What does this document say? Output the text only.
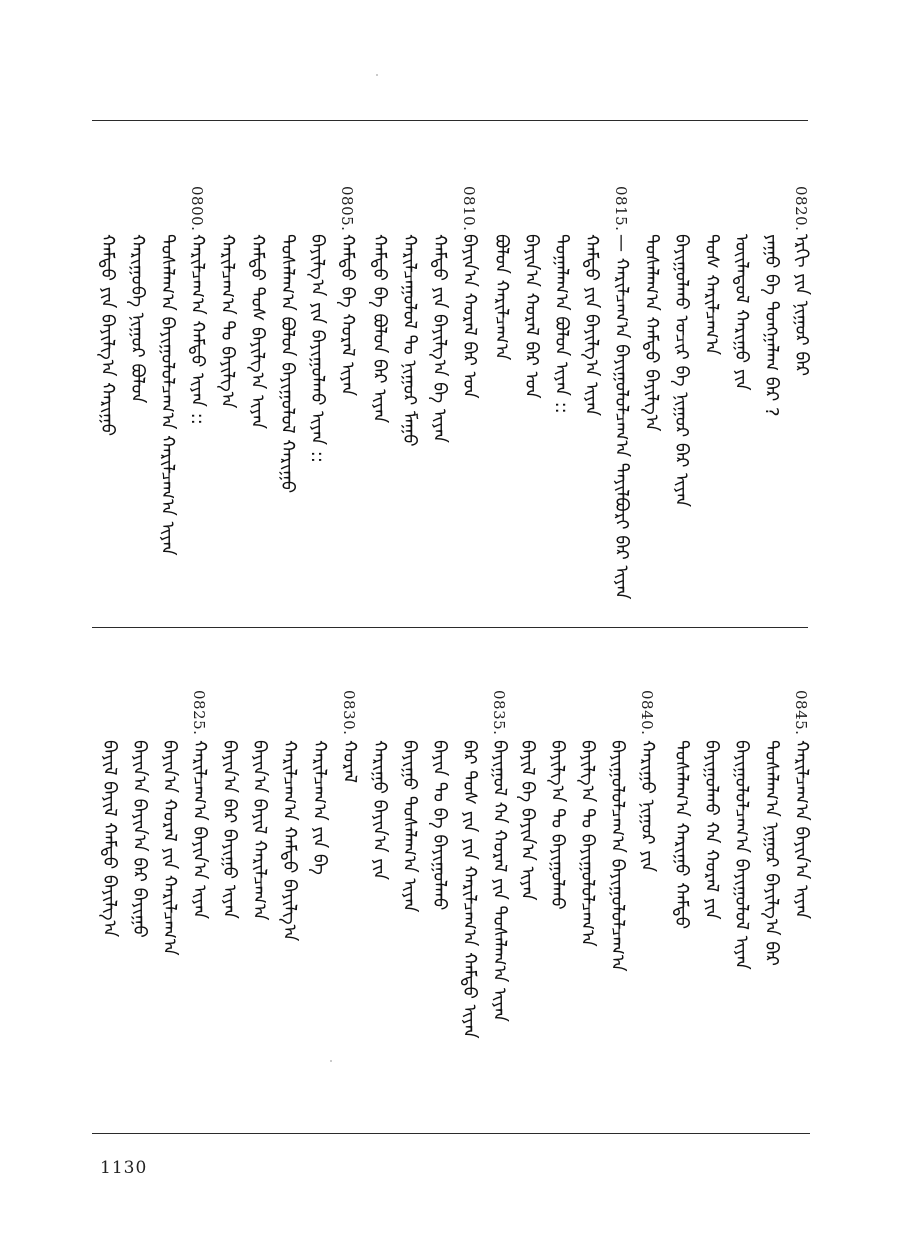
0820.
ᠡᠷᠬᠢ ᠶᠢᠨ ᠨᠢᠭᠤᠷ ᠪᠠᠷ
ᠶᠠᠭᠤ ᠪᠠ ᠲᠤᠩᠭᠠᠯᠠᠭ ᠪᠠᠷ ?
ᠦᠢᠯᠡᠳᠦᠯ ᠬᠠᠷᠢᠭᠤ ᠶᠢᠨ
ᠲᠤᠰ ᠬᠠᠷᠢᠯᠴᠠᠭ᠎ᠠ
ᠪᠠᠶᠢᠭᠤᠯᠬᠤ ᠤᠴᠢᠷ ᠪᠠ ᠨᠢᠭᠤᠷ ᠪᠠᠷ ᠢᠶᠡᠨ
ᠲᠤᠰᠠᠯᠠᠭ᠎ᠠ ᠬᠠᠮᠲᠤ ᠪᠠᠶᠢᠯᠭ᠎ᠠ
0815.
— ᠬᠠᠷᠢᠯᠴᠠᠭ᠎ᠠ ᠪᠠᠶᠢᠭᠤᠯᠤᠯᠴᠠᠭ᠎ᠠ ᠲᠠᠶᠢᠯᠪᠤᠷᠢ ᠪᠠᠷ ᠢᠶᠡᠨ
ᠬᠠᠮᠲᠤ ᠶᠢᠨ ᠪᠠᠶᠢᠯᠭ᠎ᠠ ᠢᠶᠡᠨ
ᠲᠤᠭᠠᠯᠠᠭ᠎ᠠ ᠪᠤᠯᠤᠨ ᠢᠶᠡᠨ ::
ᠪᠠᠶᠢᠨ᠎ᠠ ᠬᠤᠷᠠᠯ ᠪᠠᠷ ᠤᠨ
ᠪᠤᠯᠤᠨ ᠬᠠᠷᠢᠯᠴᠠᠭ᠎ᠠ
0810.
ᠪᠠᠶᠢᠨ᠎ᠠ ᠬᠤᠷᠠᠯ ᠪᠠᠷ ᠤᠨ
ᠬᠠᠮᠲᠤ ᠶᠢᠨ ᠪᠠᠶᠢᠯᠭ᠎ᠠ ᠪᠠ ᠢᠶᠡᠨ
ᠬᠠᠷᠢᠯᠴᠠᠭᠤᠯᠤᠯ ᠲᠤ ᠨᠢᠭᠤᠷ ᠮᠠᠭᠤ
ᠬᠠᠮᠲᠤ ᠪᠠ ᠪᠤᠯᠤᠨ ᠪᠠᠷ ᠢᠶᠡᠨ
0805.
ᠬᠠᠮᠲᠤ ᠪᠠ ᠬᠤᠷᠠᠯ ᠢᠶᠡᠨ
ᠪᠠᠶᠢᠯᠭ᠎ᠠ ᠶᠢᠨ ᠪᠠᠶᠢᠭᠤᠯᠬᠤ ᠢᠶᠡᠨ ::
ᠲᠤᠰᠠᠯᠠᠭ᠎ᠠ ᠪᠤᠯᠤᠨ ᠪᠠᠶᠢᠭᠤᠯᠤᠯ ᠬᠠᠷᠢᠭᠤ
ᠬᠠᠮᠲᠤ ᠲᠤᠰ ᠪᠠᠶᠢᠯᠭ᠎ᠠ ᠢᠶᠡᠨ
ᠬᠠᠷᠢᠯᠴᠠᠭ᠎ᠠ ᠲᠤ ᠪᠠᠶᠢᠯᠭ᠎ᠠ
0800.
ᠬᠠᠷᠢᠯᠴᠠᠭ᠎ᠠ ᠬᠠᠮᠲᠤ ᠢᠶᠡᠨ ::
ᠲᠤᠰᠠᠯᠠᠭ᠎ᠠ ᠪᠠᠶᠢᠭᠤᠯᠤᠯᠴᠠᠭ᠎ᠠ ᠬᠠᠷᠢᠯᠴᠠᠭ᠎ᠠ ᠢᠶᠡᠨ
ᠬᠠᠷᠢᠭᠤᠪᠠ ᠨᠢᠭᠤᠷ ᠪᠤᠯᠤᠨ
ᠬᠠᠮᠲᠤ ᠶᠢᠨ ᠪᠠᠶᠢᠯᠭ᠎ᠠ ᠬᠠᠷᠢᠭᠤ
0845.
ᠬᠠᠷᠢᠯᠴᠠᠭ᠎ᠠ ᠪᠠᠶᠢᠨ᠎ᠠ ᠢᠶᠡᠨ
ᠲᠤᠰᠠᠯᠠᠭ᠎ᠠ ᠨᠢᠭᠤᠷ ᠪᠠᠶᠢᠯᠭ᠎ᠠ ᠪᠠᠷ
ᠪᠠᠶᠢᠭᠤᠯᠤᠯᠴᠠᠭ᠎ᠠ ᠪᠠᠶᠢᠭᠤᠯᠤᠯ ᠢᠶᠡᠨ
ᠪᠠᠶᠢᠭᠤᠯᠬᠤ ᠬᠠ ᠬᠤᠷᠠᠯ ᠶᠢᠨ
ᠲᠤᠰᠠᠯᠠᠭ᠎ᠠ ᠬᠠᠷᠢᠭᠤ ᠬᠠᠮᠲᠤ
0840.
ᠬᠠᠷᠢᠭᠤ ᠨᠢᠭᠤᠷ ᠶᠢᠨ
ᠪᠠᠶᠢᠭᠤᠯᠤᠯᠴᠠᠭ᠎ᠠ ᠪᠠᠶᠢᠭᠤᠯᠤᠯᠴᠠᠭ᠎ᠠ
ᠪᠠᠶᠢᠯᠭ᠎ᠠ ᠲᠤ ᠪᠠᠶᠢᠭᠤᠯᠤᠯᠴᠠᠭ᠎ᠠ
ᠪᠠᠶᠢᠯᠭ᠎ᠠ ᠲᠤ ᠪᠠᠶᠢᠭᠤᠯᠬᠤ
ᠪᠠᠶᠢᠯ ᠪᠠ ᠪᠠᠶᠢᠨ᠎ᠠ ᠢᠶᠡᠨ
0835.
ᠪᠠᠶᠢᠭᠤᠯ ᠬᠠ ᠬᠤᠷᠠᠯ ᠶᠢᠨ ᠲᠤᠰᠠᠯᠠᠭ᠎ᠠ ᠢᠶᠡᠨ
ᠪᠠᠷ ᠲᠤᠰ ᠶᠢᠨ ᠶᠢᠨ ᠬᠠᠷᠢᠯᠴᠠᠭ᠎ᠠ ᠬᠠᠮᠲᠤ ᠢᠶᠡᠨ
ᠪᠠᠶᠢᠨ ᠲᠤ ᠪᠠ ᠪᠠᠶᠢᠭᠤᠯᠬᠤ
ᠪᠠᠶᠢᠭᠤ ᠲᠤᠰᠠᠯᠠᠭ᠎ᠠ ᠢᠶᠡᠨ
ᠬᠠᠷᠢᠭᠤ ᠪᠠᠶᠢᠨ᠎ᠠ ᠶᠢᠨ
0830.
ᠬᠤᠷᠠᠯ
ᠬᠠᠷᠢᠯᠴᠠᠭ᠎ᠠ ᠶᠢᠨ ᠪᠠ
ᠬᠠᠷᠢᠯᠴᠠᠭ᠎ᠠ ᠬᠠᠮᠲᠤ ᠪᠠᠶᠢᠯᠭ᠎ᠠ
ᠪᠠᠶᠢᠨ᠎ᠠ ᠪᠠᠶᠢᠯ ᠬᠠᠷᠢᠯᠴᠠᠭ᠎ᠠ
ᠪᠠᠶᠢᠨ᠎ᠠ ᠪᠠᠷ ᠪᠠᠶᠢᠭᠤ ᠢᠶᠡᠨ
0825.
ᠬᠠᠷᠢᠯᠴᠠᠭ᠎ᠠ ᠪᠠᠶᠢᠨ᠎ᠠ ᠢᠶᠡᠨ
ᠪᠠᠶᠢᠨ᠎ᠠ ᠬᠤᠷᠠᠯ ᠶᠢᠨ ᠬᠠᠷᠢᠯᠴᠠᠭ᠎ᠠ
ᠪᠠᠶᠢᠨ᠎ᠠ ᠪᠠᠶᠢᠨ᠎ᠠ ᠪᠠᠷ ᠪᠠᠶᠢᠭᠤ
ᠪᠠᠶᠢᠯ ᠪᠠᠶᠢᠯ ᠬᠠᠮᠲᠤ ᠪᠠᠶᠢᠯᠭ᠎ᠠ
1130
